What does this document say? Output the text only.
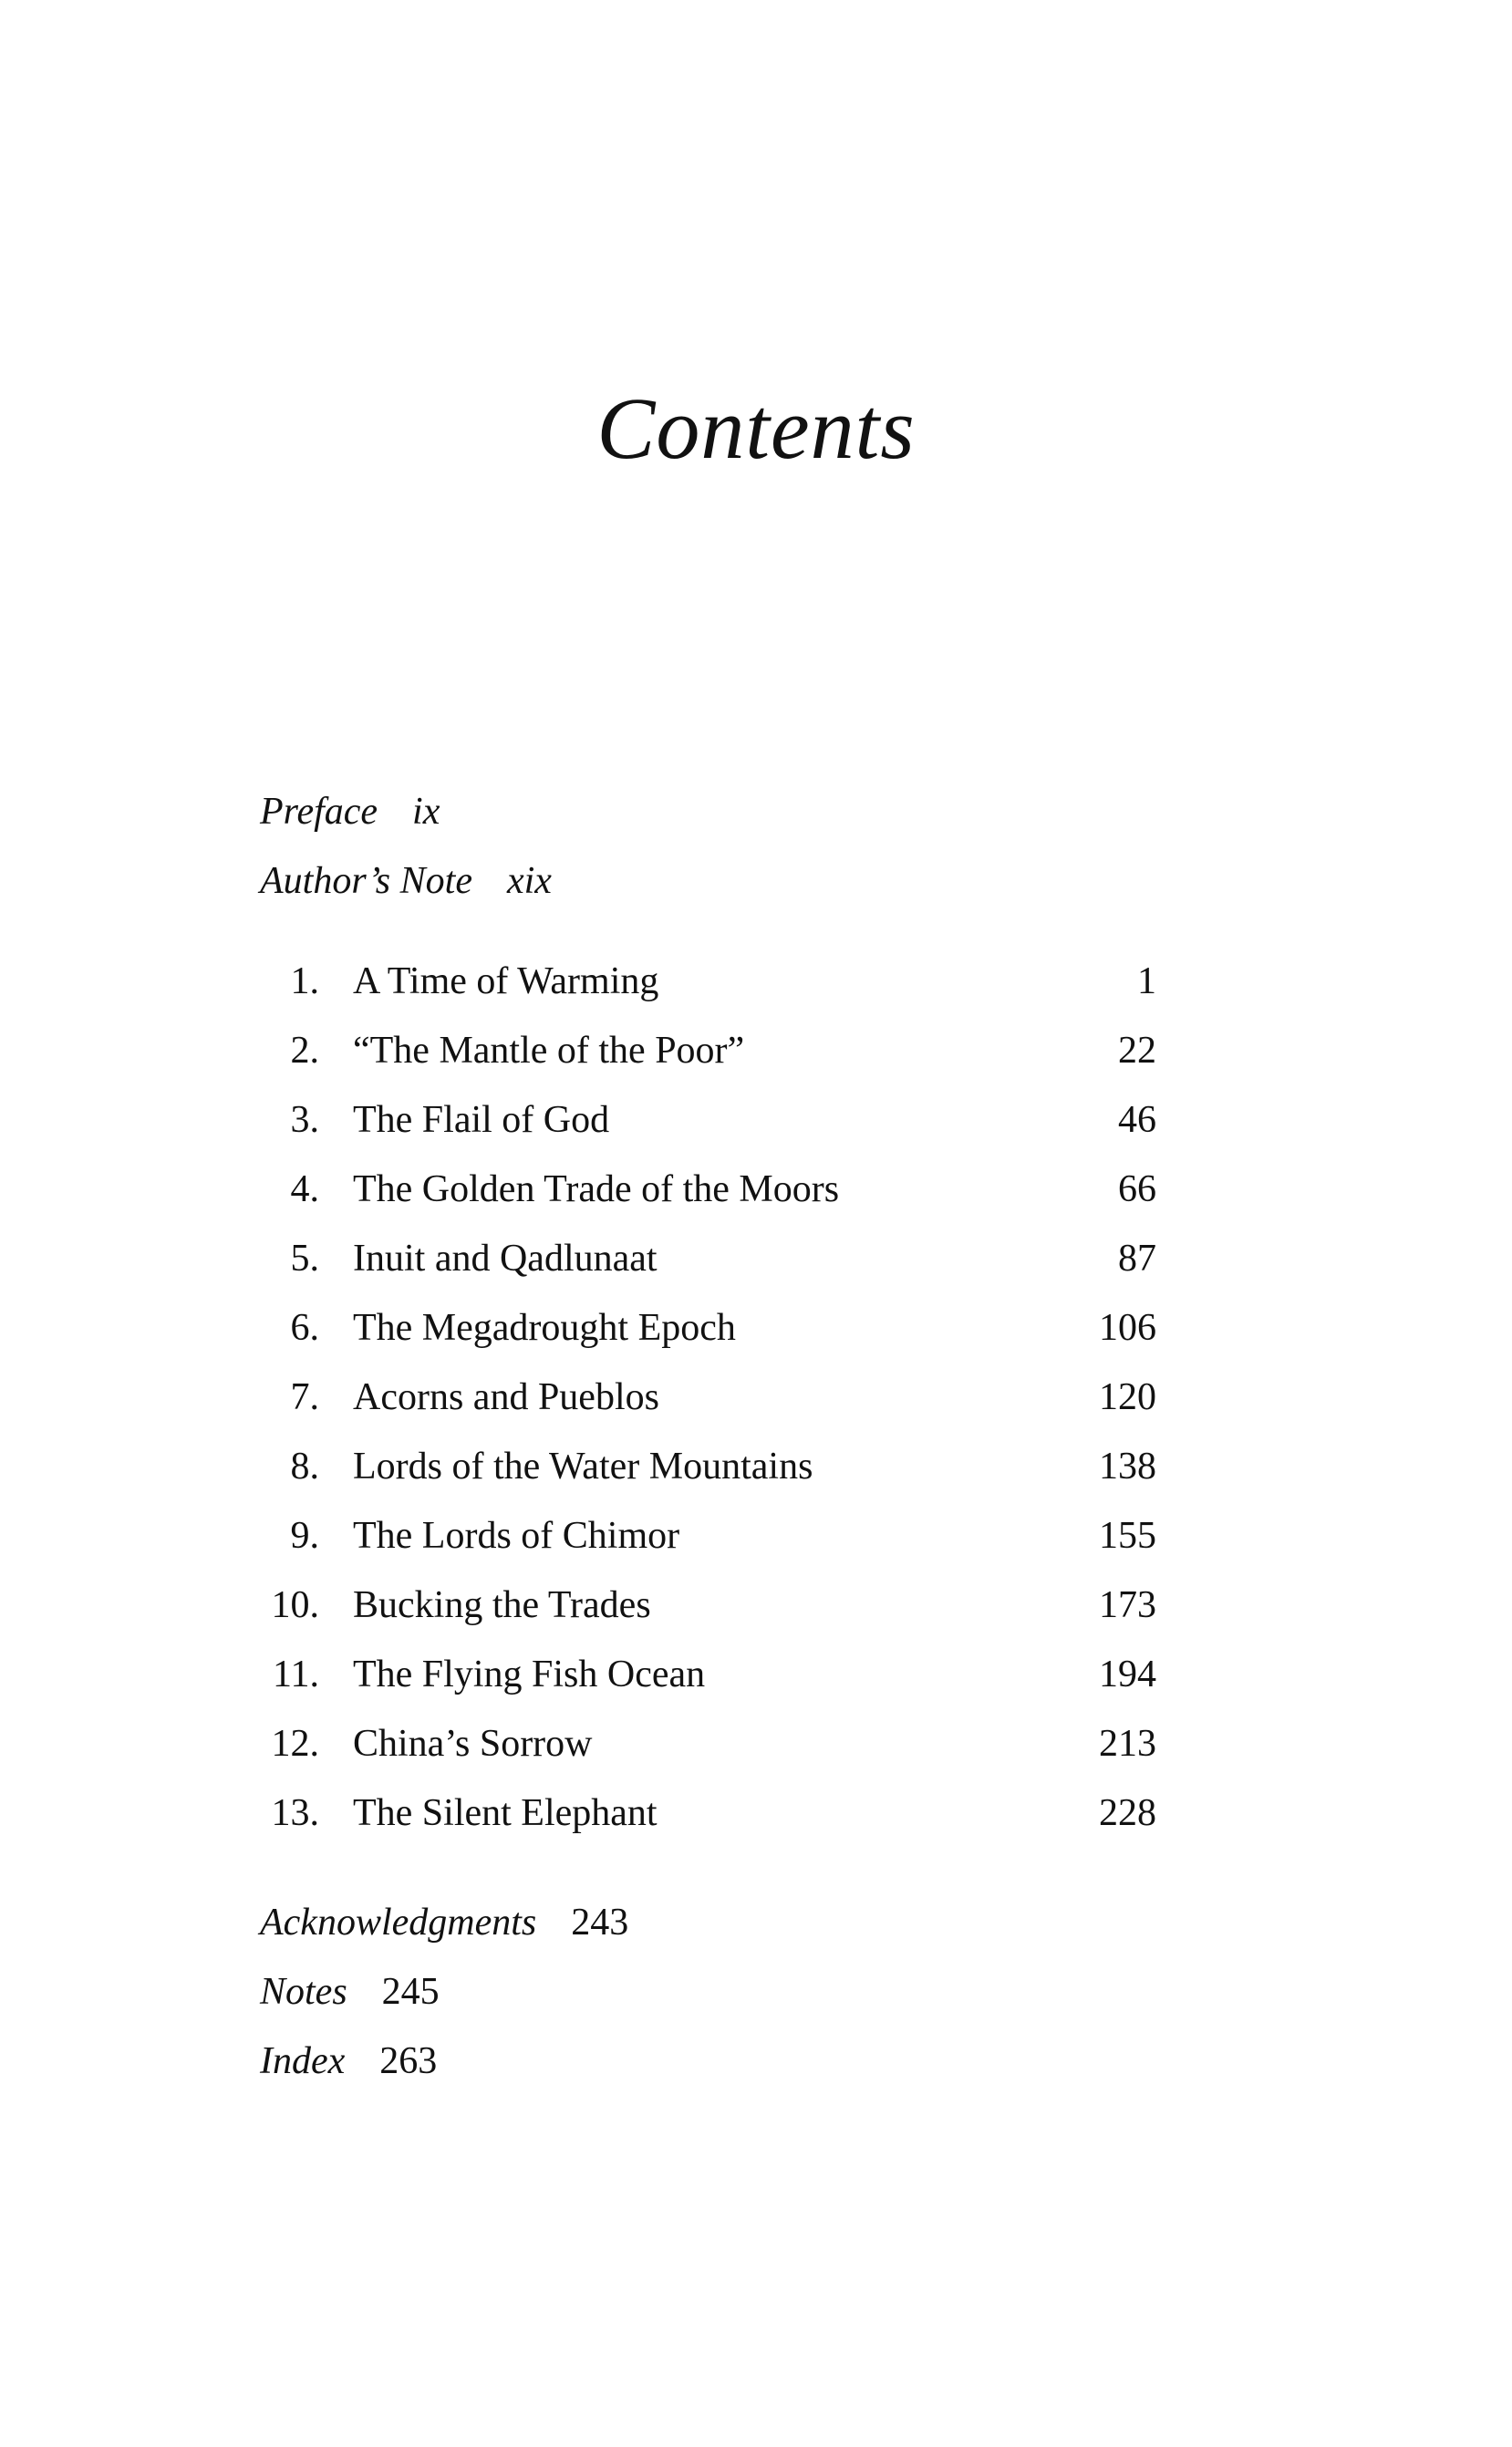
Contents
Preface ix
Author’s Note xix
1. A Time of Warming	1
2. “The Mantle of the Poor”	22
3. The Flail of God	46
4. The Golden Trade of the Moors	66
5. Inuit and Qadlunaat	87
6. The Megadrought Epoch	106
7. Acorns and Pueblos	120
8. Lords of the Water Mountains	138
9. The Lords of Chimor	155
10. Bucking the Trades	173
11. The Flying Fish Ocean	194
12. China’s Sorrow	213
13. The Silent Elephant	228
Acknowledgments 243
Notes 245
Index 263
